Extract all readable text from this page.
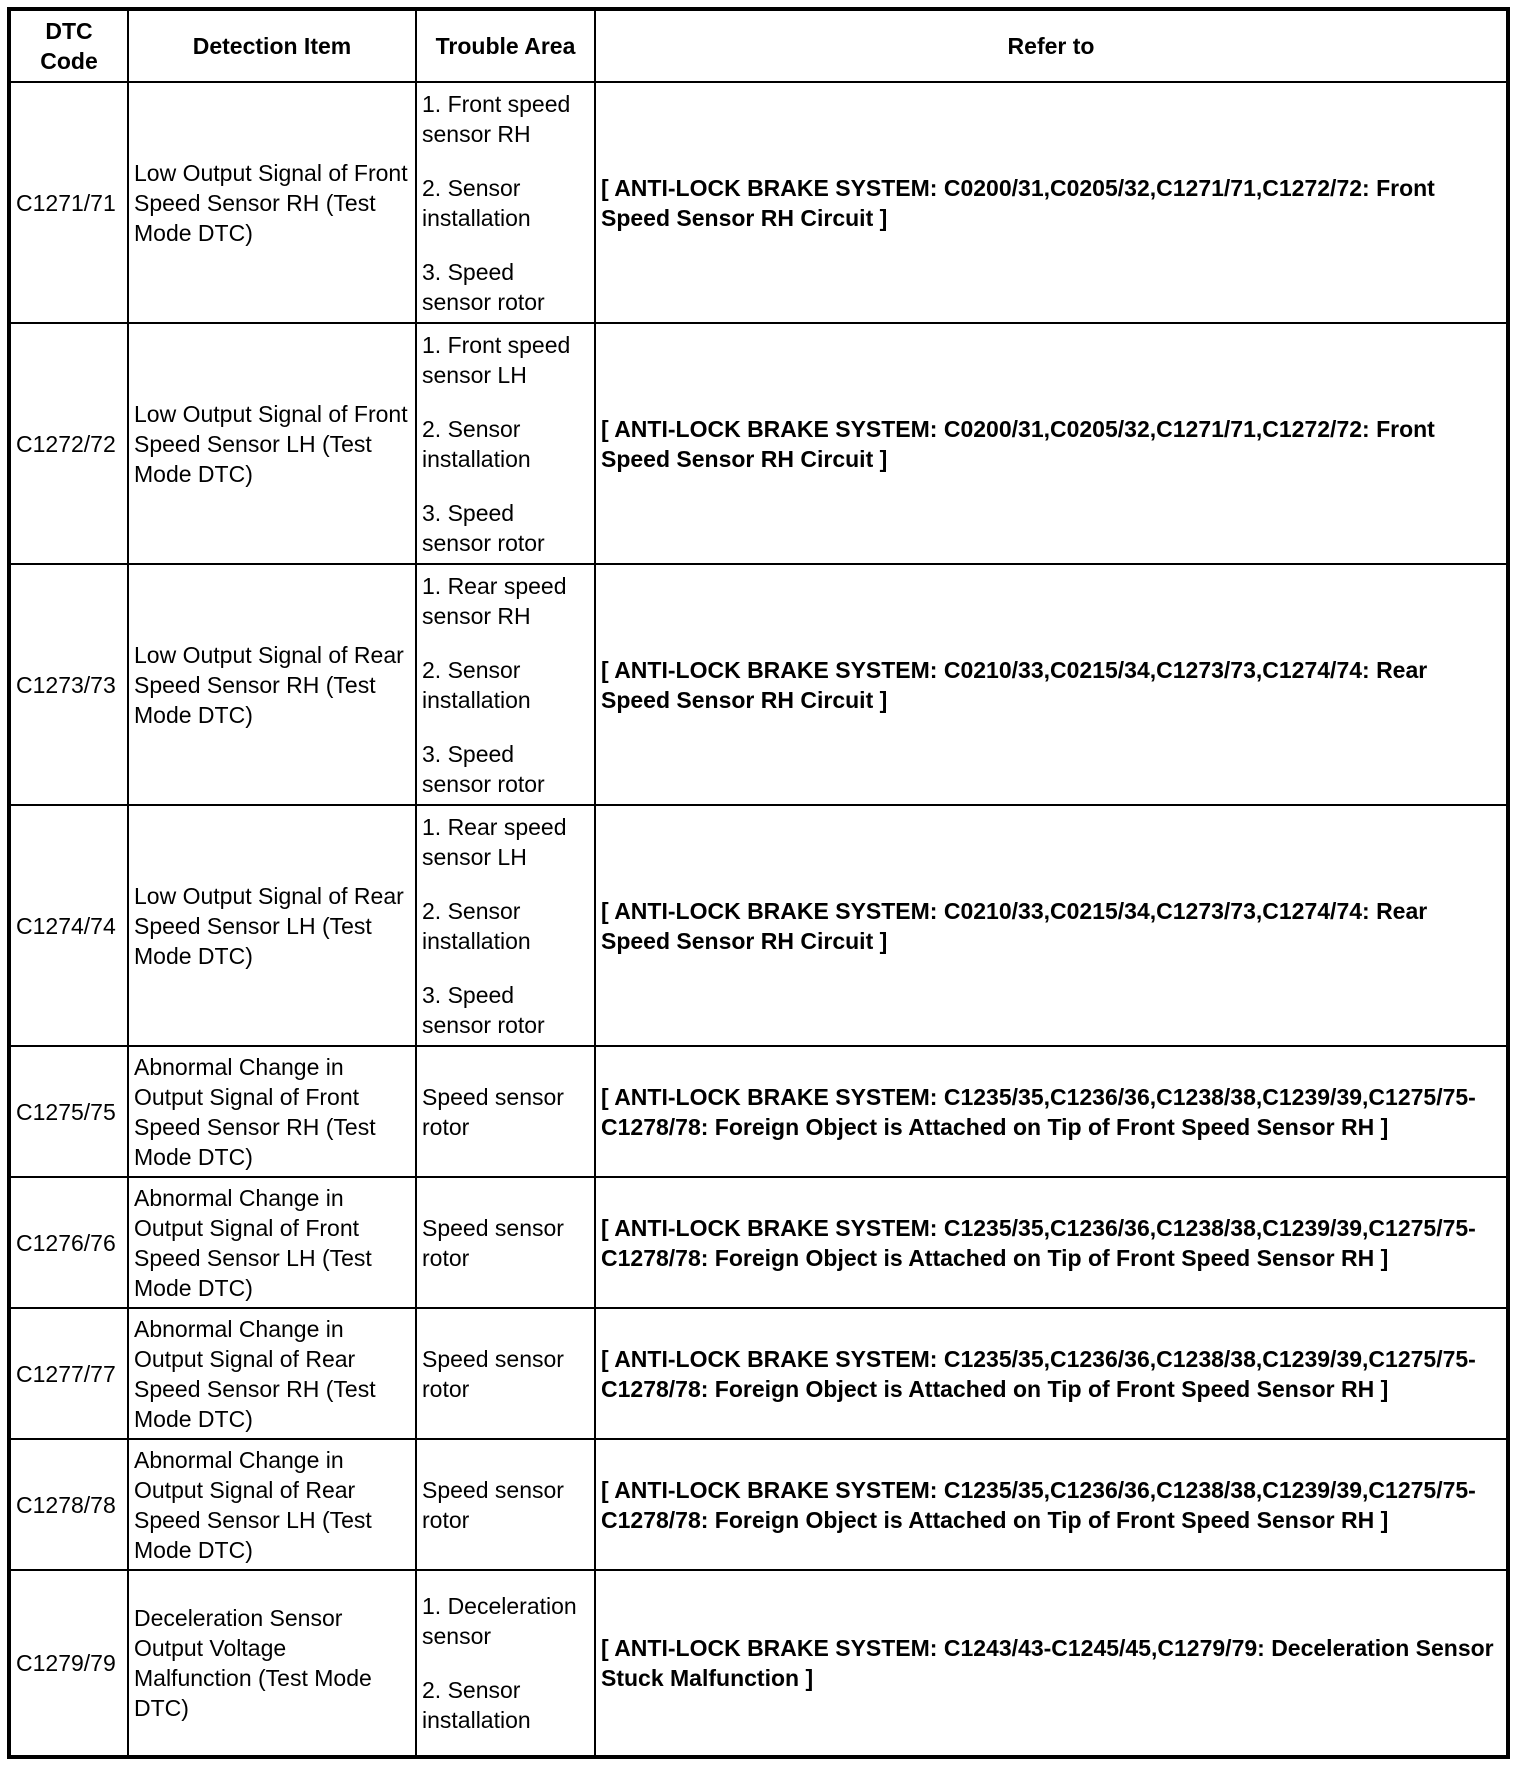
DTC Code	Detection Item	Trouble Area	Refer to
C1271/71	Low Output Signal of Front Speed Sensor RH (Test Mode DTC)	1. Front speed sensor RH
2. Sensor installation
3. Speed sensor rotor	[ ANTI-LOCK BRAKE SYSTEM: C0200/31,C0205/32,C1271/71,C1272/72: Front Speed Sensor RH Circuit ]
C1272/72	Low Output Signal of Front Speed Sensor LH (Test Mode DTC)	1. Front speed sensor LH
2. Sensor installation
3. Speed sensor rotor	[ ANTI-LOCK BRAKE SYSTEM: C0200/31,C0205/32,C1271/71,C1272/72: Front Speed Sensor RH Circuit ]
C1273/73	Low Output Signal of Rear Speed Sensor RH (Test Mode DTC)	1. Rear speed sensor RH
2. Sensor installation
3. Speed sensor rotor	[ ANTI-LOCK BRAKE SYSTEM: C0210/33,C0215/34,C1273/73,C1274/74: Rear Speed Sensor RH Circuit ]
C1274/74	Low Output Signal of Rear Speed Sensor LH (Test Mode DTC)	1. Rear speed sensor LH
2. Sensor installation
3. Speed sensor rotor	[ ANTI-LOCK BRAKE SYSTEM: C0210/33,C0215/34,C1273/73,C1274/74: Rear Speed Sensor RH Circuit ]
C1275/75	Abnormal Change in Output Signal of Front Speed Sensor RH (Test Mode DTC)	Speed sensor rotor	[ ANTI-LOCK BRAKE SYSTEM: C1235/35,C1236/36,C1238/38,C1239/39,C1275/75-C1278/78: Foreign Object is Attached on Tip of Front Speed Sensor RH ]
C1276/76	Abnormal Change in Output Signal of Front Speed Sensor LH (Test Mode DTC)	Speed sensor rotor	[ ANTI-LOCK BRAKE SYSTEM: C1235/35,C1236/36,C1238/38,C1239/39,C1275/75-C1278/78: Foreign Object is Attached on Tip of Front Speed Sensor RH ]
C1277/77	Abnormal Change in Output Signal of Rear Speed Sensor RH (Test Mode DTC)	Speed sensor rotor	[ ANTI-LOCK BRAKE SYSTEM: C1235/35,C1236/36,C1238/38,C1239/39,C1275/75-C1278/78: Foreign Object is Attached on Tip of Front Speed Sensor RH ]
C1278/78	Abnormal Change in Output Signal of Rear Speed Sensor LH (Test Mode DTC)	Speed sensor rotor	[ ANTI-LOCK BRAKE SYSTEM: C1235/35,C1236/36,C1238/38,C1239/39,C1275/75-C1278/78: Foreign Object is Attached on Tip of Front Speed Sensor RH ]
C1279/79	Deceleration Sensor Output Voltage Malfunction (Test Mode DTC)	1. Deceleration sensor
2. Sensor installation	[ ANTI-LOCK BRAKE SYSTEM: C1243/43-C1245/45,C1279/79: Deceleration Sensor Stuck Malfunction ]
